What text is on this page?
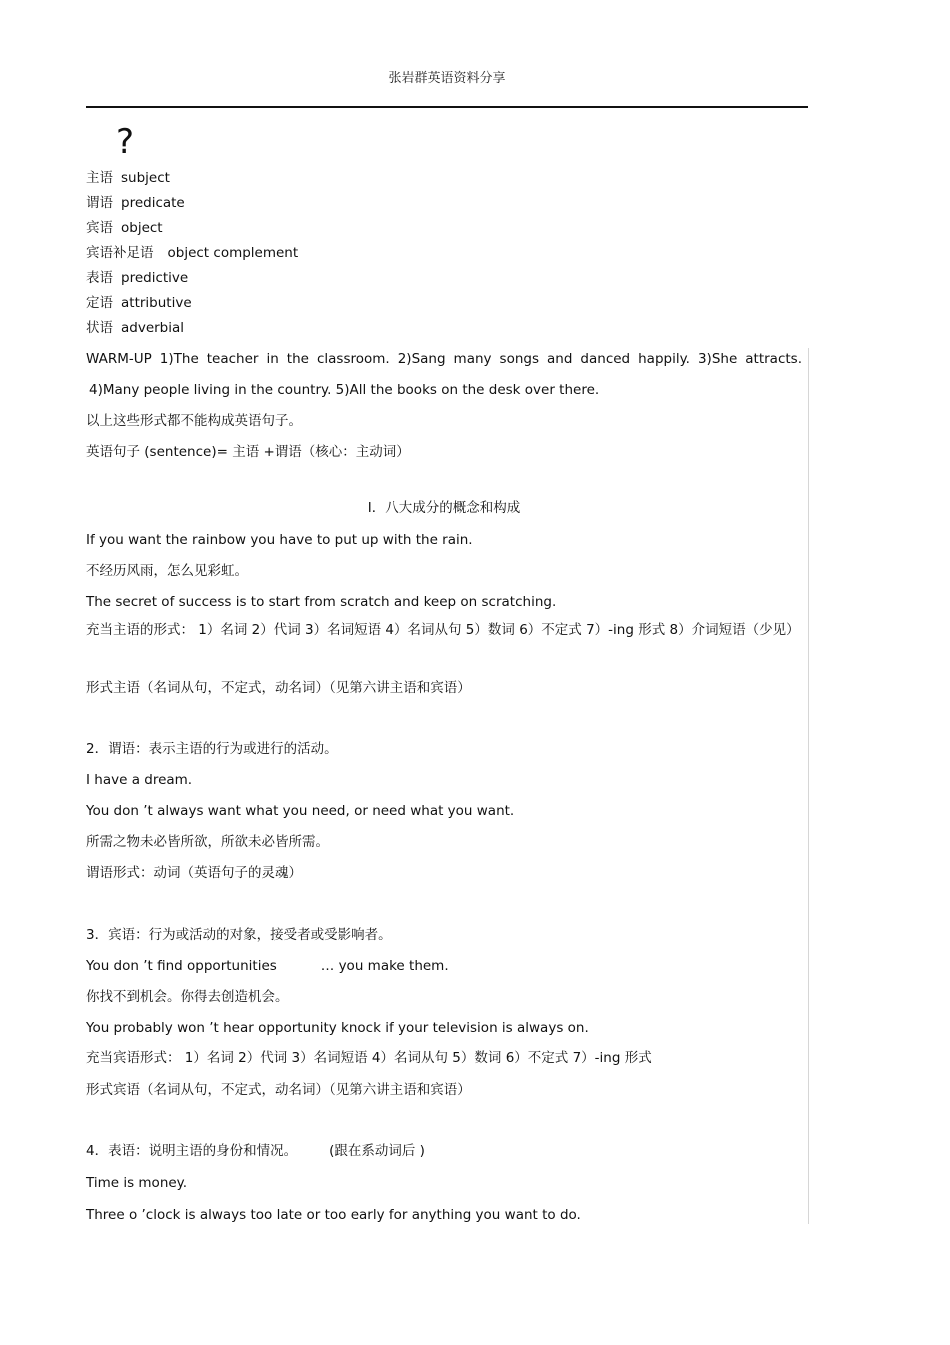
张岩群英语资料分享
?
主语 subject
谓语 predicate
宾语 object
宾语补足语 object complement
表语 predictive
定语 attributive
状语 adverbial
WARM-UP 1)The teacher in the classroom. 2)Sang many songs and danced happily. 3)She attracts.
4)Many people living in the country. 5)All the books on the desk over there.
以上这些形式都不能构成英语句子。
英语句子 (sentence)= 主语 +谓语（核心：主动词）
I．八大成分的概念和构成
If you want the rainbow you have to put up with the rain.
不经历风雨，怎么见彩虹。
The secret of success is to start from scratch and keep on scratching.
充当主语的形式： 1）名词 2）代词 3）名词短语 4）名词从句 5）数词 6）不定式 7）-ing 形式 8）介词短语（少见）
形式主语（名词从句，不定式，动名词）（见第六讲主语和宾语）
2．谓语：表示主语的行为或进行的活动。
I have a dream.
You don ’t always want what you need, or need what you want.
所需之物未必皆所欲，所欲未必皆所需。
谓语形式：动词（英语句子的灵魂）
3．宾语：行为或活动的对象，接受者或受影响者。
You don ’t find opportunities	… you make them.
你找不到机会。你得去创造机会。
You probably won ’t hear opportunity knock if your television is always on.
充当宾语形式： 1）名词 2）代词 3）名词短语 4）名词从句 5）数词 6）不定式 7）-ing 形式
形式宾语（名词从句，不定式，动名词）（见第六讲主语和宾语）
4．表语：说明主语的身份和情况。 (跟在系动词后 )
Time is money.
Three o ’clock is always too late or too early for anything you want to do.
